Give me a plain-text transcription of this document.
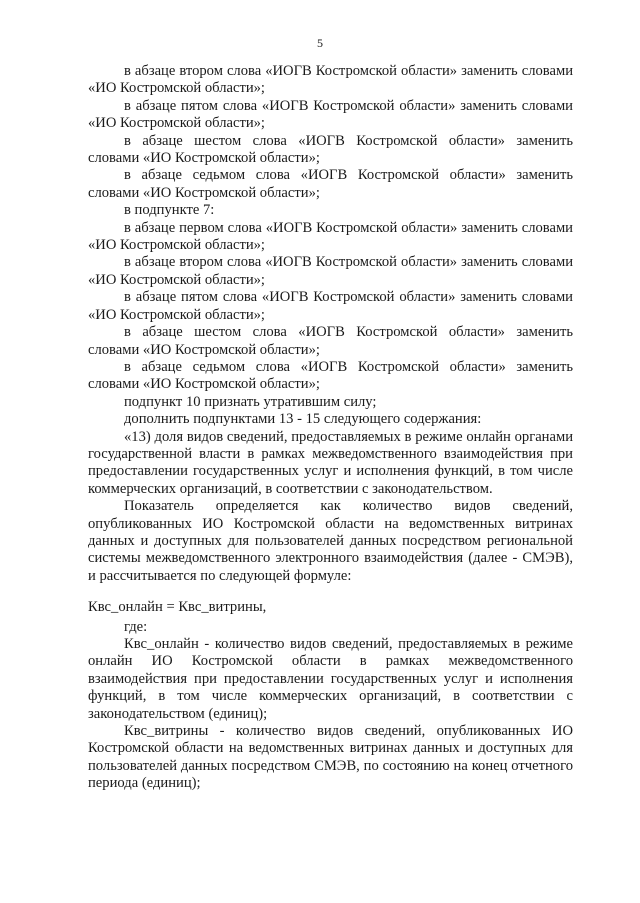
5

в абзаце втором слова «ИОГВ Костромской области» заменить словами «ИО Костромской области»;

в абзаце пятом слова «ИОГВ Костромской области» заменить словами «ИО Костромской области»;

в абзаце шестом слова «ИОГВ Костромской области» заменить словами «ИО Костромской области»;

в абзаце седьмом слова «ИОГВ Костромской области» заменить словами «ИО Костромской области»;

в подпункте 7:

в абзаце первом слова «ИОГВ Костромской области» заменить словами «ИО Костромской области»;

в абзаце втором слова «ИОГВ Костромской области» заменить словами «ИО Костромской области»;

в абзаце пятом слова «ИОГВ Костромской области» заменить словами «ИО Костромской области»;

в абзаце шестом слова «ИОГВ Костромской области» заменить словами «ИО Костромской области»;

в абзаце седьмом слова «ИОГВ Костромской области» заменить словами «ИО Костромской области»;

подпункт 10 признать утратившим силу;

дополнить подпунктами 13 - 15 следующего содержания:

«13) доля видов сведений, предоставляемых в режиме онлайн органами государственной власти в рамках межведомственного взаимодействия при предоставлении государственных услуг и исполнения функций, в том числе коммерческих организаций, в соответствии с законодательством.

Показатель определяется как количество видов сведений, опубликованных ИО Костромской области на ведомственных витринах данных и доступных для пользователей данных посредством региональной системы межведомственного электронного взаимодействия (далее - СМЭВ), и рассчитывается по следующей формуле:

Квс_онлайн = Квс_витрины,

где:

Квс_онлайн - количество видов сведений, предоставляемых в режиме онлайн ИО Костромской области в рамках межведомственного взаимодействия при предоставлении государственных услуг и исполнения функций, в том числе коммерческих организаций, в соответствии с законодательством (единиц);

Квс_витрины - количество видов сведений, опубликованных ИО Костромской области на ведомственных витринах данных и доступных для пользователей данных посредством СМЭВ, по состоянию на конец отчетного периода (единиц);
